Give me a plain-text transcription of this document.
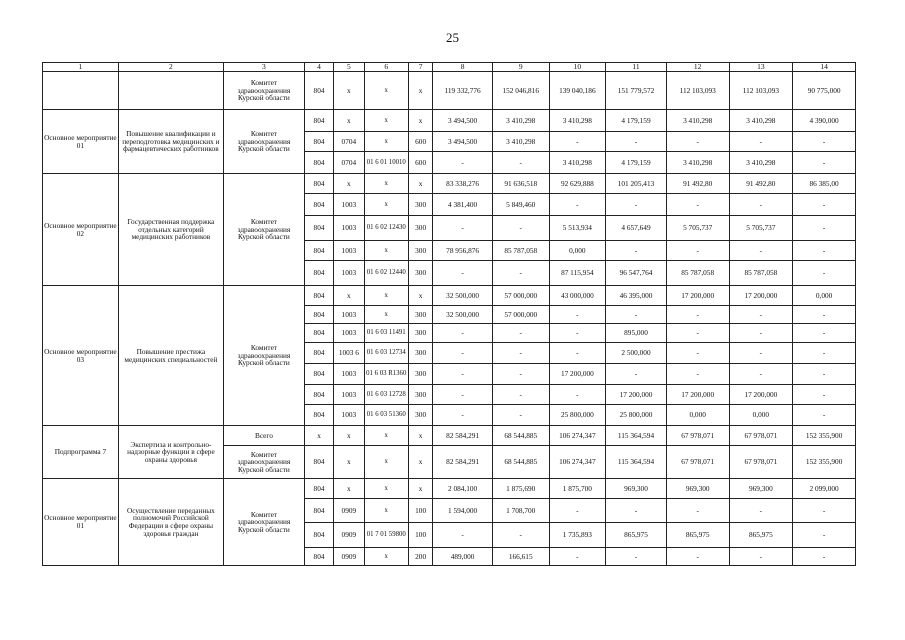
25
1	2	3	4	5	6	7	8	9	10	11	12	13	14
		Комитет здравоохранения Курской области	804	x	x	x	119 332,776	152 046,816	139 040,186	151 779,572	112 103,093	112 103,093	90 775,000
Основное мероприятие 01	Повышение квалификации и переподготовка медицинских и фармацевтических работников	Комитет здравоохранения Курской области	804	x	x	x	3 494,500	3 410,298	3 410,298	4 179,159	3 410,298	3 410,298	4 390,000
			804	0704	x	600	3 494,500	3 410,298	-	-	-	-	-
			804	0704	01 6 01 10010	600	-	-	3 410,298	4 179,159	3 410,298	3 410,298	-
Основное мероприятие 02	Государственная поддержка отдельных категорий медицинских работников	Комитет здравоохранения Курской области	804	x	x	x	83 338,276	91 636,518	92 629,888	101 205,413	91 492,80	91 492,80	86 385,00
			804	1003	x	300	4 381,400	5 849,460	-	-	-	-	-
			804	1003	01 6 02 12430	300	-	-	5 513,934	4 657,649	5 705,737	5 705,737	-
			804	1003	x	300	78 956,876	85 787,058	0,000	-	-	-	-
			804	1003	01 6 02 12440	300	-	-	87 115,954	96 547,764	85 787,058	85 787,058	-
Основное мероприятие 03	Повышение престижа медицинских специальностей	Комитет здравоохранения Курской области	804	x	x	x	32 500,000	57 000,000	43 000,000	46 395,000	17 200,000	17 200,000	0,000
			804	1003	x	300	32 500,000	57 000,000	-	-	-	-	-
			804	1003	01 6 03 11491	300	-	-	-	895,000	-	-	-
			804	1003 6	01 6 03 12734	300	-	-	-	2 500,000	-	-	-
			804	1003	01 6 03 R1360	300	-	-	17 200,000	-	-	-	-
			804	1003	01 6 03 12728	300	-	-	-	17 200,000	17 200,000	17 200,000	-
			804	1003	01 6 03 51360	300	-	-	25 800,000	25 800,000	0,000	0,000	-
Подпрограмма 7	Экспертиза и контрольно-надзорные функции в сфере охраны здоровья	Всего	x	x	x	x	82 584,291	68 544,885	106 274,347	115 364,594	67 978,071	67 978,071	152 355,900
		Комитет здравоохранения Курской области	804	x	x	x	82 584,291	68 544,885	106 274,347	115 364,594	67 978,071	67 978,071	152 355,900
Основное мероприятие 01	Осуществление переданных полномочий Российской Федерации в сфере охраны здоровья граждан	Комитет здравоохранения Курской области	804	x	x	x	2 084,100	1 875,690	1 875,700	969,300	969,300	969,300	2 099,000
			804	0909	x	100	1 594,000	1 708,700	-	-	-	-	-
			804	0909	01 7 01 59800	100	-	-	1 735,893	865,975	865,975	865,975	-
			804	0909	x	200	489,000	166,615	-	-	-	-	-
